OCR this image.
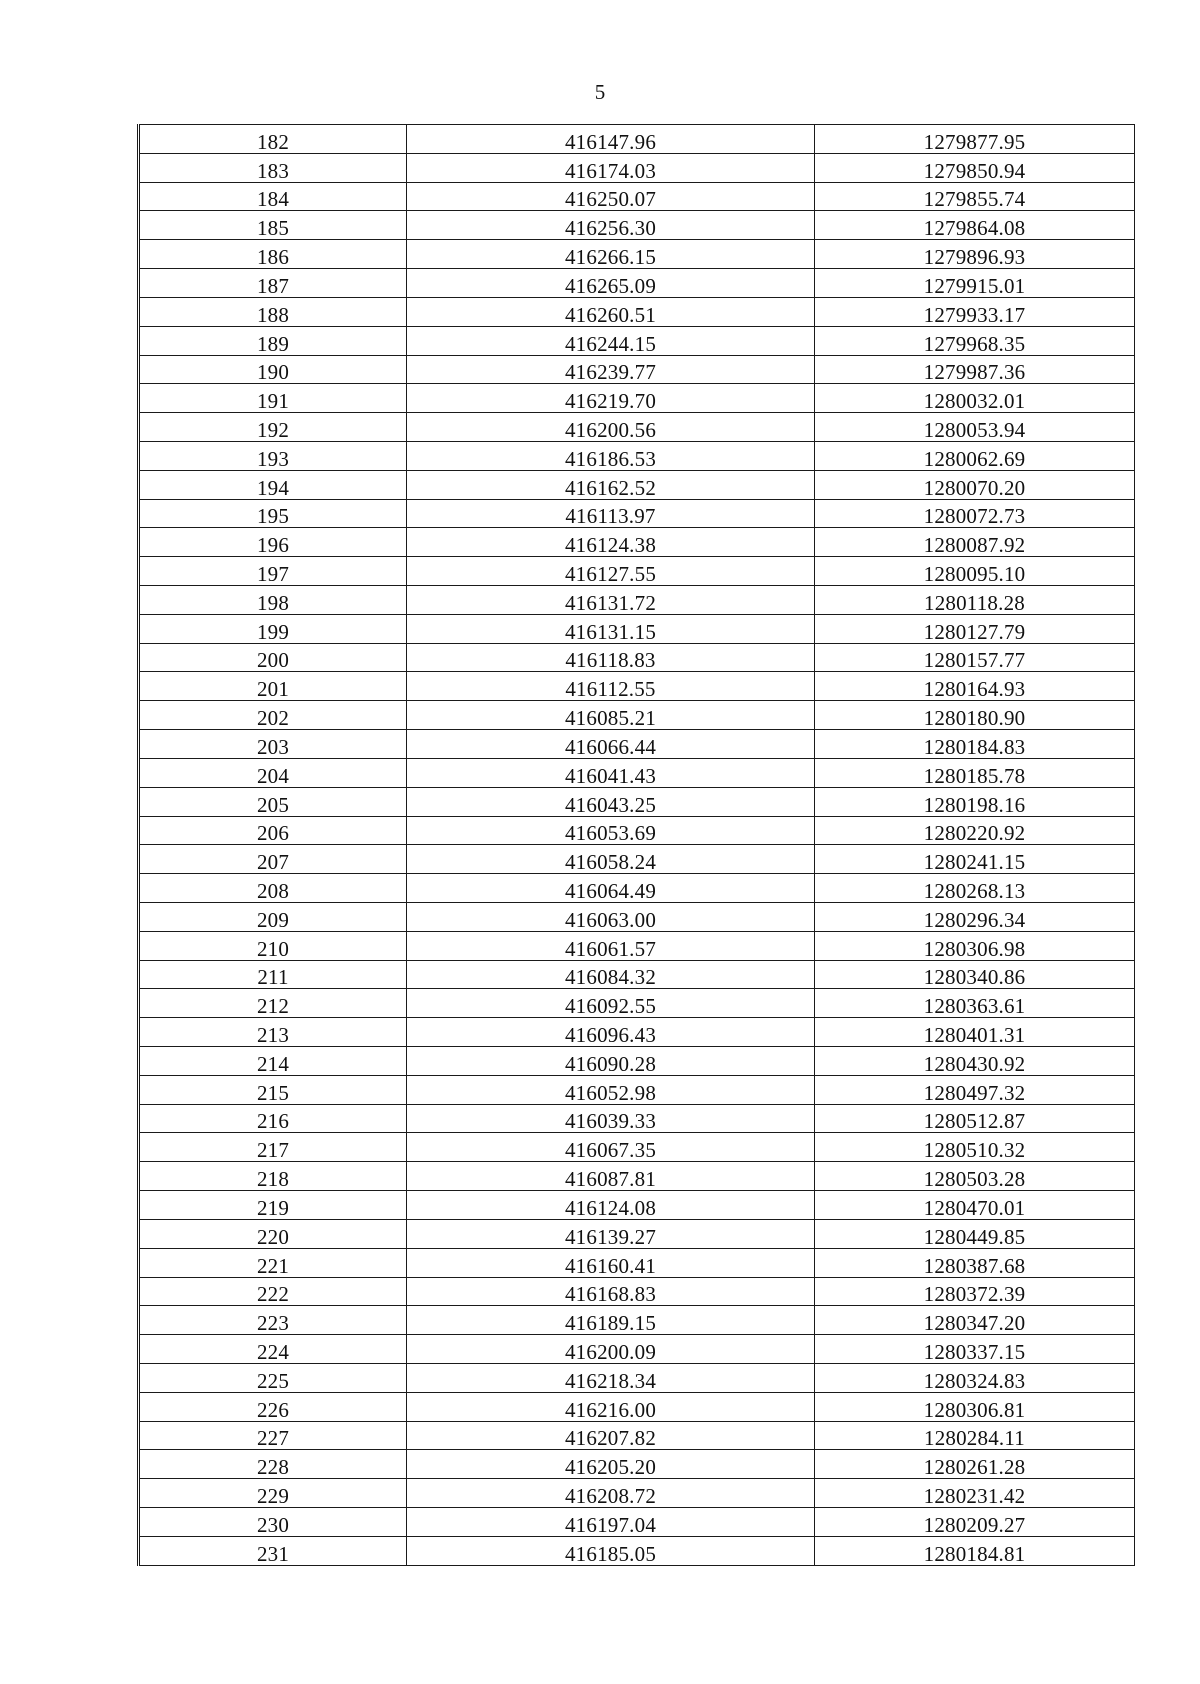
5
182	416147.96	1279877.95
183	416174.03	1279850.94
184	416250.07	1279855.74
185	416256.30	1279864.08
186	416266.15	1279896.93
187	416265.09	1279915.01
188	416260.51	1279933.17
189	416244.15	1279968.35
190	416239.77	1279987.36
191	416219.70	1280032.01
192	416200.56	1280053.94
193	416186.53	1280062.69
194	416162.52	1280070.20
195	416113.97	1280072.73
196	416124.38	1280087.92
197	416127.55	1280095.10
198	416131.72	1280118.28
199	416131.15	1280127.79
200	416118.83	1280157.77
201	416112.55	1280164.93
202	416085.21	1280180.90
203	416066.44	1280184.83
204	416041.43	1280185.78
205	416043.25	1280198.16
206	416053.69	1280220.92
207	416058.24	1280241.15
208	416064.49	1280268.13
209	416063.00	1280296.34
210	416061.57	1280306.98
211	416084.32	1280340.86
212	416092.55	1280363.61
213	416096.43	1280401.31
214	416090.28	1280430.92
215	416052.98	1280497.32
216	416039.33	1280512.87
217	416067.35	1280510.32
218	416087.81	1280503.28
219	416124.08	1280470.01
220	416139.27	1280449.85
221	416160.41	1280387.68
222	416168.83	1280372.39
223	416189.15	1280347.20
224	416200.09	1280337.15
225	416218.34	1280324.83
226	416216.00	1280306.81
227	416207.82	1280284.11
228	416205.20	1280261.28
229	416208.72	1280231.42
230	416197.04	1280209.27
231	416185.05	1280184.81
